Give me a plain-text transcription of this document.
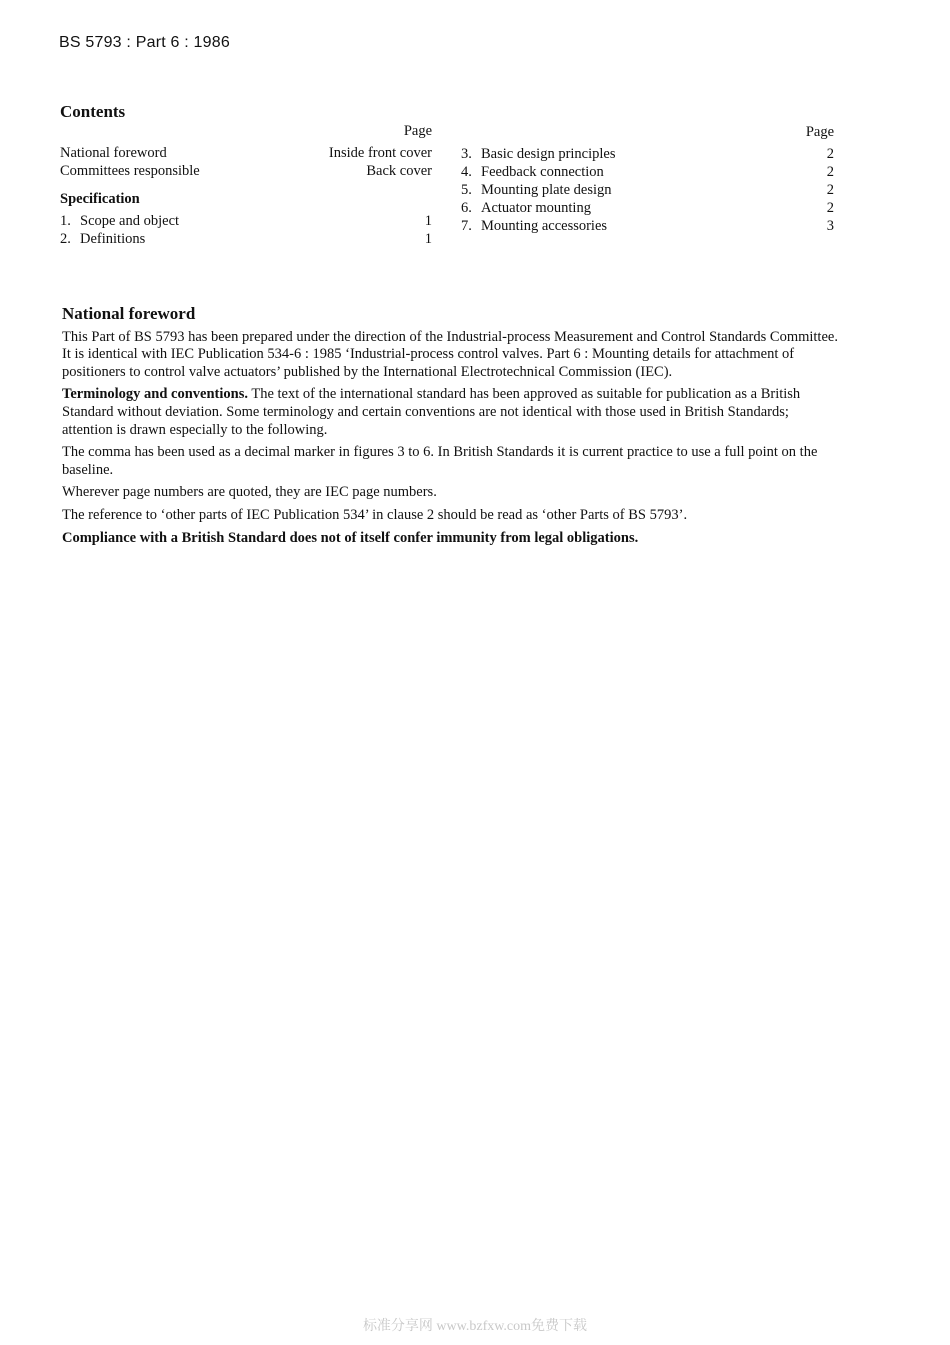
BS 5793 : Part 6 : 1986
Contents
Page
National foreword	Inside front cover
Committees responsible	Back cover
Specification
1. Scope and object	1
2. Definitions	1
Page
3. Basic design principles	2
4. Feedback connection	2
5. Mounting plate design	2
6. Actuator mounting	2
7. Mounting accessories	3
National foreword

This Part of BS 5793 has been prepared under the direction of the Industrial-process Measurement and Control Standards Committee. It is identical with IEC Publication 534-6 : 1985 ‘Industrial-process control valves. Part 6 : Mounting details for attachment of positioners to control valve actuators’ published by the International Electrotechnical Commission (IEC).

Terminology and conventions. The text of the international standard has been approved as suitable for publication as a British Standard without deviation. Some terminology and certain conventions are not identical with those used in British Standards; attention is drawn especially to the following.

The comma has been used as a decimal marker in figures 3 to 6. In British Standards it is current practice to use a full point on the baseline.

Wherever page numbers are quoted, they are IEC page numbers.

The reference to ‘other parts of IEC Publication 534’ in clause 2 should be read as ‘other Parts of BS 5793’.

Compliance with a British Standard does not of itself confer immunity from legal obligations.

标准分享网 www.bzfxw.com免费下载
